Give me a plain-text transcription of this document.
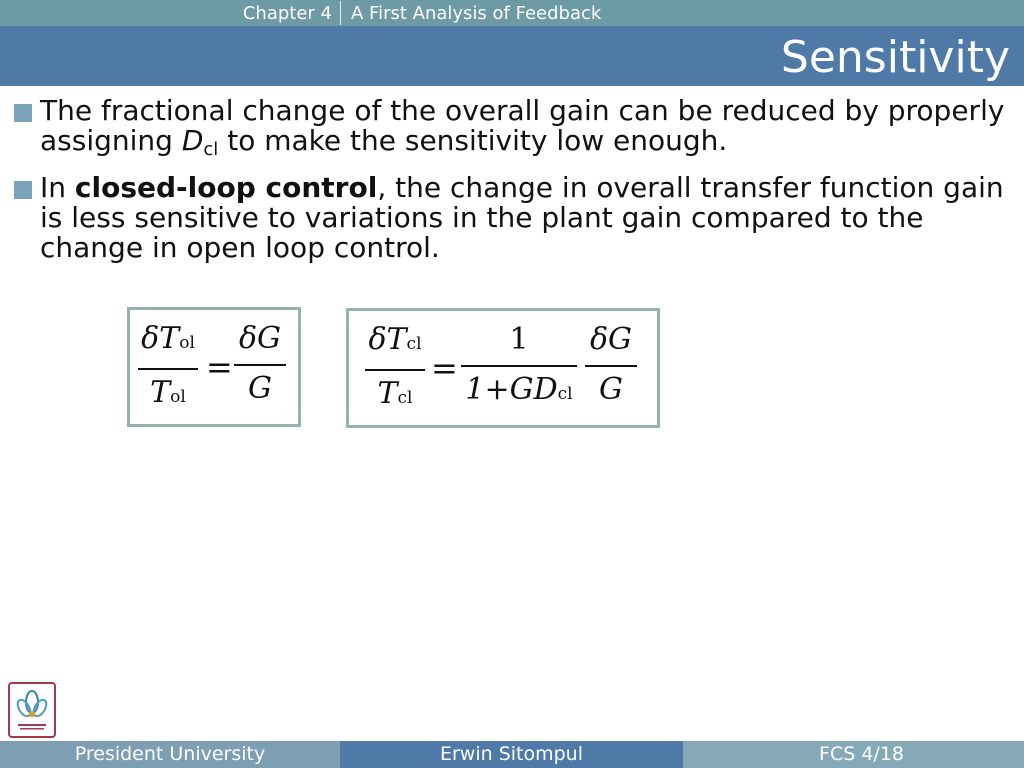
Chapter 4	A First Analysis of Feedback
Sensitivity
The fractional change of the overall gain can be reduced by properly assigning $D_{cl}$ to make the sensitivity low enough.
In closed-loop control, the change in overall transfer function gain is less sensitive to variations in the plant gain compared to the change in open loop control.
δTol
Tol
=
δG
G
δTcl
Tcl
=
1
1+GDcl
δG
G
President University	Erwin Sitompul	FCS 4/18
